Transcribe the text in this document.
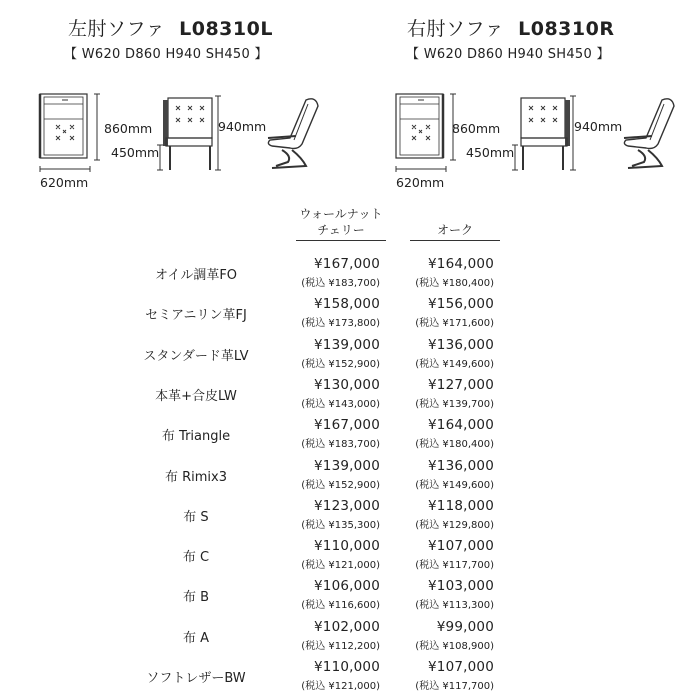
左肘ソファ L08310L
【 W620 D860 H940 SH450 】
620mm
860mm
450mm
940mm
右肘ソファ L08310R
【 W620 D860 H940 SH450 】
620mm
860mm
450mm
940mm
ウォールナット
チェリー	オーク
オイル調革FO
¥167,000
(税込 ¥183,700)
¥164,000
(税込 ¥180,400)
セミアニリン革FJ
¥158,000
(税込 ¥173,800)
¥156,000
(税込 ¥171,600)
スタンダード革LV
¥139,000
(税込 ¥152,900)
¥136,000
(税込 ¥149,600)
本革+合皮LW
¥130,000
(税込 ¥143,000)
¥127,000
(税込 ¥139,700)
布 Triangle
¥167,000
(税込 ¥183,700)
¥164,000
(税込 ¥180,400)
布 Rimix3
¥139,000
(税込 ¥152,900)
¥136,000
(税込 ¥149,600)
布 S
¥123,000
(税込 ¥135,300)
¥118,000
(税込 ¥129,800)
布 C
¥110,000
(税込 ¥121,000)
¥107,000
(税込 ¥117,700)
布 B
¥106,000
(税込 ¥116,600)
¥103,000
(税込 ¥113,300)
布 A
¥102,000
(税込 ¥112,200)
¥99,000
(税込 ¥108,900)
ソフトレザーBW
¥110,000
(税込 ¥121,000)
¥107,000
(税込 ¥117,700)
